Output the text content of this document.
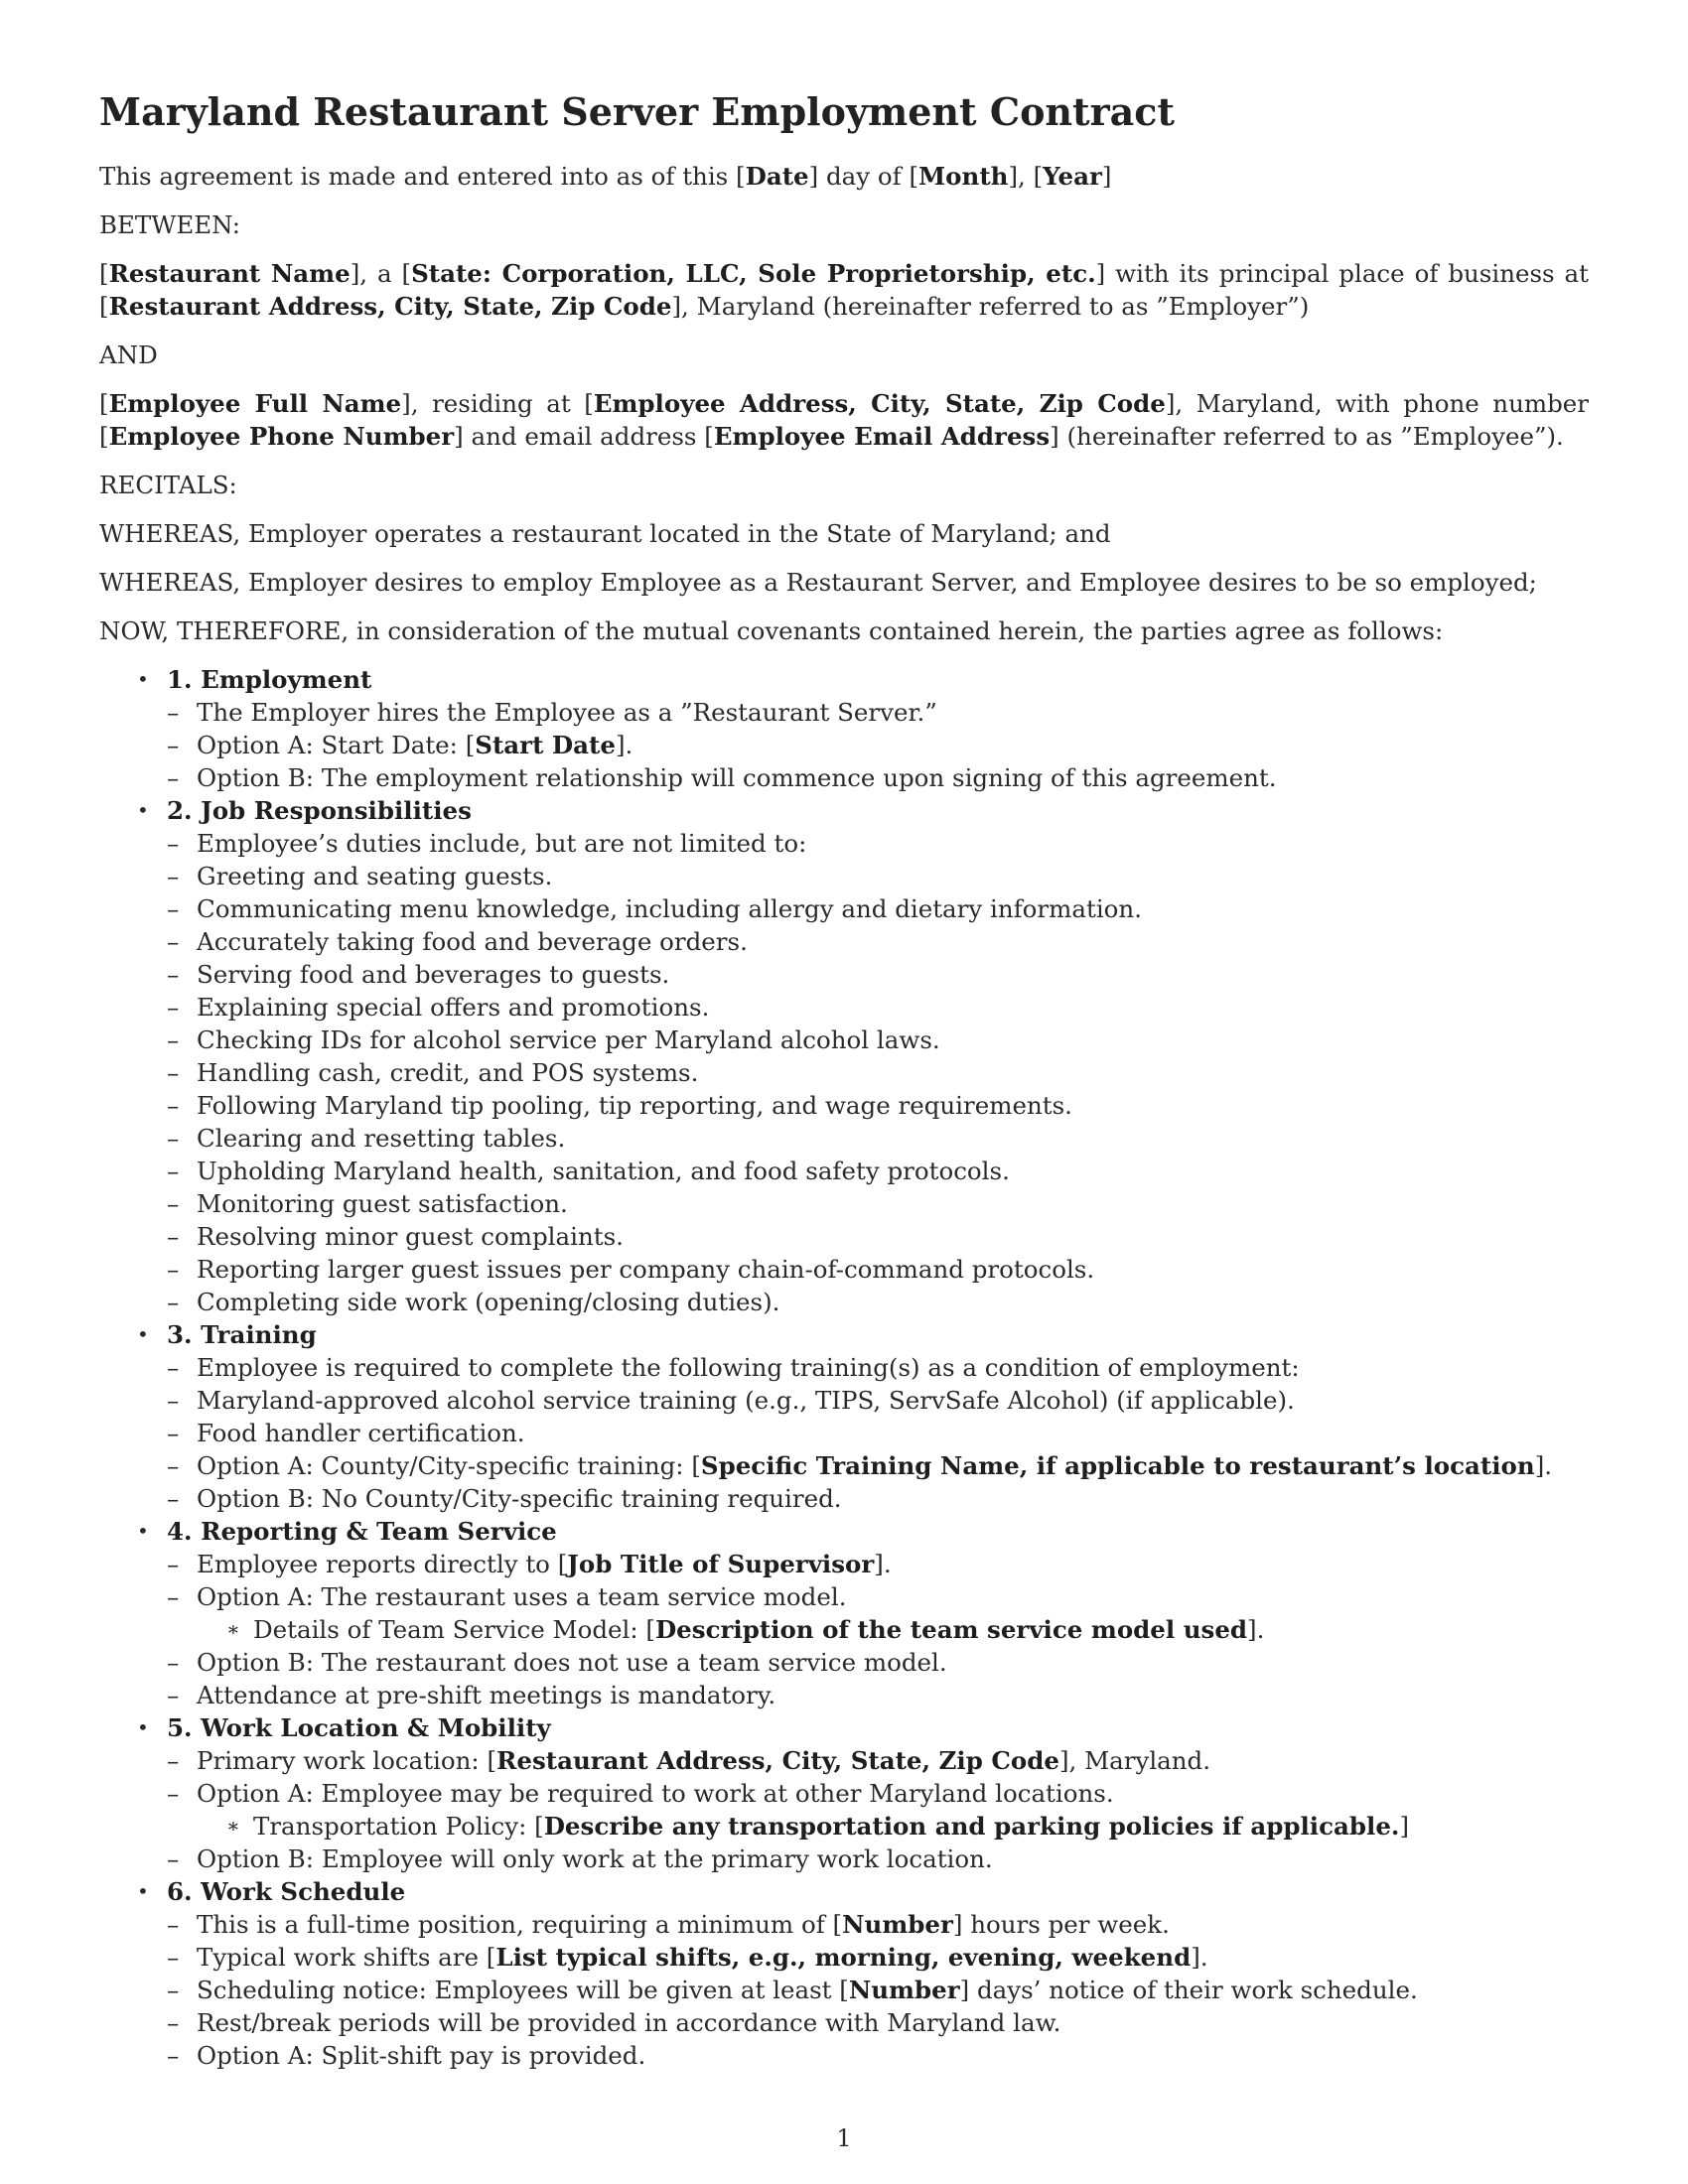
Maryland Restaurant Server Employment Contract

This agreement is made and entered into as of this [Date] day of [Month], [Year]

BETWEEN:

[Restaurant Name], a [State: Corporation, LLC, Sole Proprietorship, etc.] with its principal place of business at [Restaurant Address, City, State, Zip Code], Maryland (hereinafter referred to as ”Employer”)

AND

[Employee Full Name], residing at [Employee Address, City, State, Zip Code], Maryland, with phone number [Employee Phone Number] and email address [Employee Email Address] (hereinafter referred to as ”Employee”).

RECITALS:

WHEREAS, Employer operates a restaurant located in the State of Maryland; and

WHEREAS, Employer desires to employ Employee as a Restaurant Server, and Employee desires to be so employed;

NOW, THEREFORE, in consideration of the mutual covenants contained herein, the parties agree as follows:

• 1. Employment
– The Employer hires the Employee as a ”Restaurant Server.”
– Option A: Start Date: [Start Date].
– Option B: The employment relationship will commence upon signing of this agreement.
• 2. Job Responsibilities
– Employee’s duties include, but are not limited to:
– Greeting and seating guests.
– Communicating menu knowledge, including allergy and dietary information.
– Accurately taking food and beverage orders.
– Serving food and beverages to guests.
– Explaining special offers and promotions.
– Checking IDs for alcohol service per Maryland alcohol laws.
– Handling cash, credit, and POS systems.
– Following Maryland tip pooling, tip reporting, and wage requirements.
– Clearing and resetting tables.
– Upholding Maryland health, sanitation, and food safety protocols.
– Monitoring guest satisfaction.
– Resolving minor guest complaints.
– Reporting larger guest issues per company chain-of-command protocols.
– Completing side work (opening/closing duties).
• 3. Training
– Employee is required to complete the following training(s) as a condition of employment:
– Maryland-approved alcohol service training (e.g., TIPS, ServSafe Alcohol) (if applicable).
– Food handler certification.
– Option A: County/City-specific training: [Specific Training Name, if applicable to restaurant’s location].
– Option B: No County/City-specific training required.
• 4. Reporting & Team Service
– Employee reports directly to [Job Title of Supervisor].
– Option A: The restaurant uses a team service model.
∗ Details of Team Service Model: [Description of the team service model used].
– Option B: The restaurant does not use a team service model.
– Attendance at pre-shift meetings is mandatory.
• 5. Work Location & Mobility
– Primary work location: [Restaurant Address, City, State, Zip Code], Maryland.
– Option A: Employee may be required to work at other Maryland locations.
∗ Transportation Policy: [Describe any transportation and parking policies if applicable.]
– Option B: Employee will only work at the primary work location.
• 6. Work Schedule
– This is a full-time position, requiring a minimum of [Number] hours per week.
– Typical work shifts are [List typical shifts, e.g., morning, evening, weekend].
– Scheduling notice: Employees will be given at least [Number] days’ notice of their work schedule.
– Rest/break periods will be provided in accordance with Maryland law.
– Option A: Split-shift pay is provided.
1
